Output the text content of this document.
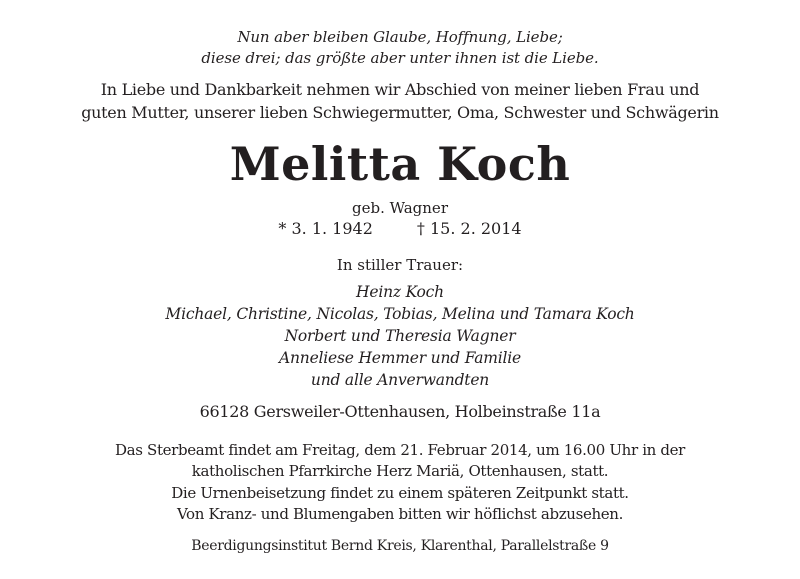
Nun aber bleiben Glaube, Hoffnung, Liebe;
diese drei; das größte aber unter ihnen ist die Liebe.
In Liebe und Dankbarkeit nehmen wir Abschied von meiner lieben Frau und
guten Mutter, unserer lieben Schwiegermutter, Oma, Schwester und Schwägerin
Melitta Koch
geb. Wagner
* 3. 1. 1942	† 15. 2. 2014
In stiller Trauer:
Heinz Koch
Michael, Christine, Nicolas, Tobias, Melina und Tamara Koch
Norbert und Theresia Wagner
Anneliese Hemmer und Familie
und alle Anverwandten
66128 Gersweiler-Ottenhausen, Holbeinstraße 11a
Das Sterbeamt findet am Freitag, dem 21. Februar 2014, um 16.00 Uhr in der
katholischen Pfarrkirche Herz Mariä, Ottenhausen, statt.
Die Urnenbeisetzung findet zu einem späteren Zeitpunkt statt.
Von Kranz- und Blumengaben bitten wir höflichst abzusehen.
Beerdigungsinstitut Bernd Kreis, Klarenthal, Parallelstraße 9
